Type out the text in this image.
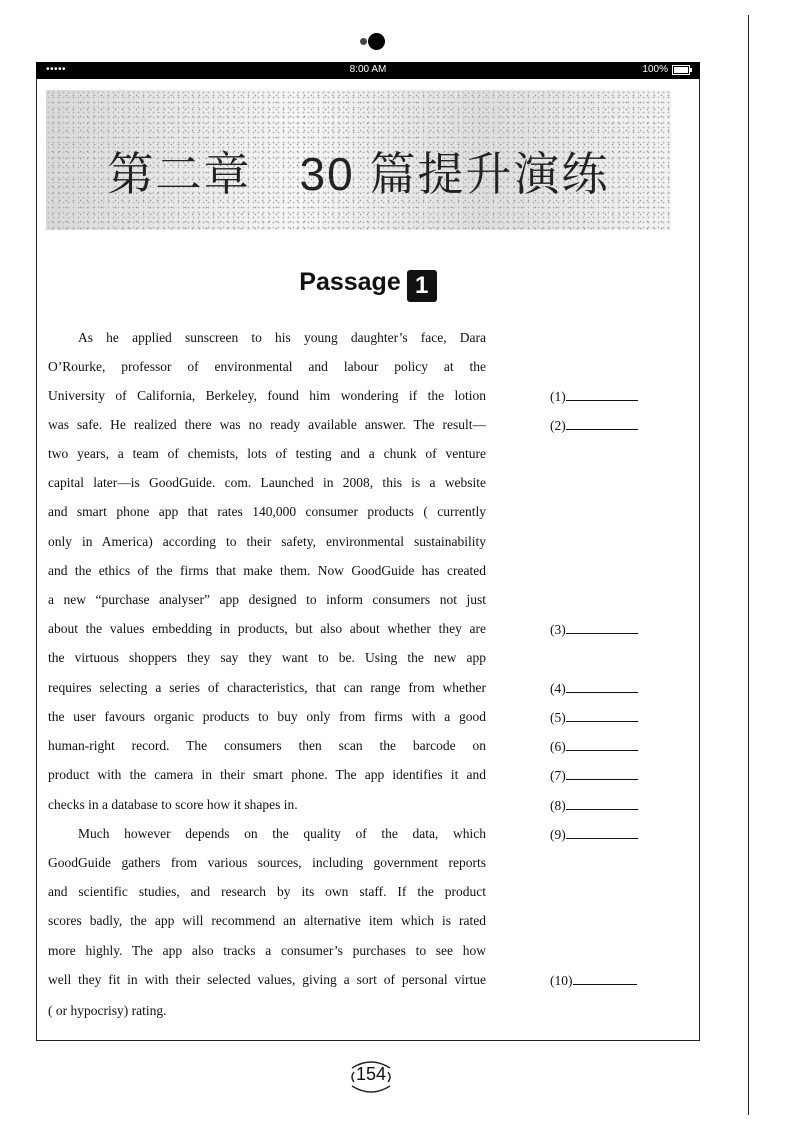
•••••	8:00 AM	100%
第二章　30 篇提升演练
Passage 1
As he applied sunscreen to his young daughter’s face, Dara
O’Rourke, professor of environmental and labour policy at the
University of California, Berkeley, found him wondering if the lotion
was safe. He realized there was no ready available answer. The result—
two years, a team of chemists, lots of testing and a chunk of venture
capital later—is GoodGuide. com. Launched in 2008, this is a website
and smart phone app that rates 140,000 consumer products ( currently
only in America) according to their safety, environmental sustainability
and the ethics of the firms that make them. Now GoodGuide has created
a new “purchase analyser” app designed to inform consumers not just
about the values embedding in products, but also about whether they are
the virtuous shoppers they say they want to be. Using the new app
requires selecting a series of characteristics, that can range from whether
the user favours organic products to buy only from firms with a good
human-right record. The consumers then scan the barcode on
product with the camera in their smart phone. The app identifies it and
checks in a database to score how it shapes in.
Much however depends on the quality of the data, which
GoodGuide gathers from various sources, including government reports
and scientific studies, and research by its own staff. If the product
scores badly, the app will recommend an alternative item which is rated
more highly. The app also tracks a consumer’s purchases to see how
well they fit in with their selected values, giving a sort of personal virtue
( or hypocrisy) rating.
(1)
(2)
(3)
(4)
(5)
(6)
(7)
(8)
(9)
(10)
154
